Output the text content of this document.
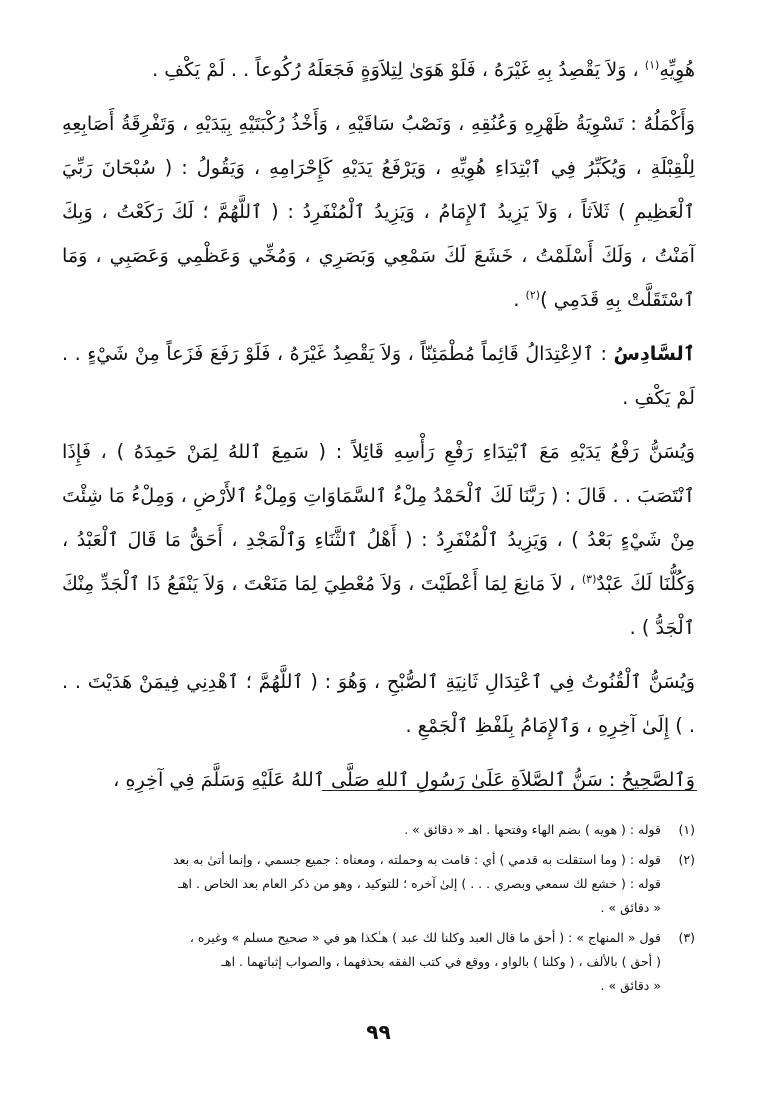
هُوِيِّهِ$^{(١)}$ ، وَلاَ يَقْصِدُ بِهِ غَيْرَهُ ، فَلَوْ هَوَىٰ لِتِلاَوَةٍ فَجَعَلَهُ رُكُوعاً . . لَمْ يَكْفِ .

وَأَكْمَلُهُ : تَسْوِيَةُ ظَهْرِهِ وَعُنُقِهِ ، وَنَصْبُ سَاقَيْهِ ، وَأَخْذُ رُكْبَتَيْهِ بِيَدَيْهِ ، وَتَفْرِقَةُ أَصَابِعِهِ لِلْقِبْلَةِ ، وَيُكَبِّرُ فِي ٱبْتِدَاءِ هُوِيِّهِ ، وَيَرْفَعُ يَدَيْهِ كَإِحْرَامِهِ ، وَيَقُولُ : ( سُبْحَانَ رَبِّيَ ٱلْعَظِيمِ ) ثَلاَثاً ، وَلاَ يَزِيدُ ٱلإِمَامُ ، وَيَزِيدُ ٱلْمُنْفَرِدُ : ( ٱللَّهُمَّ ؛ لَكَ رَكَعْتُ ، وَبِكَ آمَنْتُ ، وَلَكَ أَسْلَمْتُ ، خَشَعَ لَكَ سَمْعِي وَبَصَرِي ، وَمُخِّي وَعَظْمِي وَعَصَبِي ، وَمَا ٱسْتَقَلَّتْ بِهِ قَدَمِي )$^{(٢)}$ .

ٱلسَّادِسُ : ٱلاِعْتِدَالُ قَائِماً مُطْمَئِنّاً ، وَلاَ يَقْصِدُ غَيْرَهُ ، فَلَوْ رَفَعَ فَزَعاً مِنْ شَيْءٍ . . لَمْ يَكْفِ .

وَيُسَنُّ رَفْعُ يَدَيْهِ مَعَ ٱبْتِدَاءِ رَفْعِ رَأْسِهِ قَائِلاً : ( سَمِعَ ٱللهُ لِمَنْ حَمِدَهُ ) ، فَإِذَا ٱنْتَصَبَ . . قَالَ : ( رَبَّنَا لَكَ ٱلْحَمْدُ مِلْءُ ٱلسَّمَاوَاتِ وَمِلْءُ ٱلأَرْضِ ، وَمِلْءُ مَا شِئْتَ مِنْ شَيْءٍ بَعْدُ ) ، وَيَزِيدُ ٱلْمُنْفَرِدُ : ( أَهْلُ ٱلثَّنَاءِ وَٱلْمَجْدِ ، أَحَقُّ مَا قَالَ ٱلْعَبْدُ ، وَكُلُّنَا لَكَ عَبْدٌ$^{(٣)}$ ، لاَ مَانِعَ لِمَا أَعْطَيْتَ ، وَلاَ مُعْطِيَ لِمَا مَنَعْتَ ، وَلاَ يَنْفَعُ ذَا ٱلْجَدِّ مِنْكَ ٱلْجَدُّ ) .

وَيُسَنُّ ٱلْقُنُوتُ فِي ٱعْتِدَالِ ثَانِيَةِ ٱلصُّبْحِ ، وَهُوَ : ( ٱللَّهُمَّ ؛ ٱهْدِنِي فِيمَنْ هَدَيْتَ . . . ) إِلَىٰ آخِرِهِ ، وَٱلإِمَامُ بِلَفْظِ ٱلْجَمْعِ .

وَٱلصَّحِيحُ : سَنُّ ٱلصَّلاَةِ عَلَىٰ رَسُولِ ٱللهِ صَلَّى ٱللهُ عَلَيْهِ وَسَلَّمَ فِي آخِرِهِ ،

(١)
قوله : ( هويه ) بضم الهاء وفتحها . اهـ « دقائق » .
(٢)
قوله : ( وما استقلت به قدمي ) أي : قامت به وحملته ، ومعناه : جميع جسمي ، وإنما أتىٰ به بعد
قوله : ( خشع لك سمعي وبصري . . . ) إلىٰ آخره ؛ للتوكيد ، وهو من ذكر العام بعد الخاص . اهـ
« دقائق » .
(٣)
قول « المنهاج » : ( أحق ما قال العبد وكلنا لك عبد ) هـٰكذا هو في « صحيح مسلم » وغيره ،
( أحق ) بالألف ، ( وكلنا ) بالواو ، ووقع في كتب الفقه بحذفهما ، والصواب إثباتهما . اهـ
« دقائق » .
٩٩
